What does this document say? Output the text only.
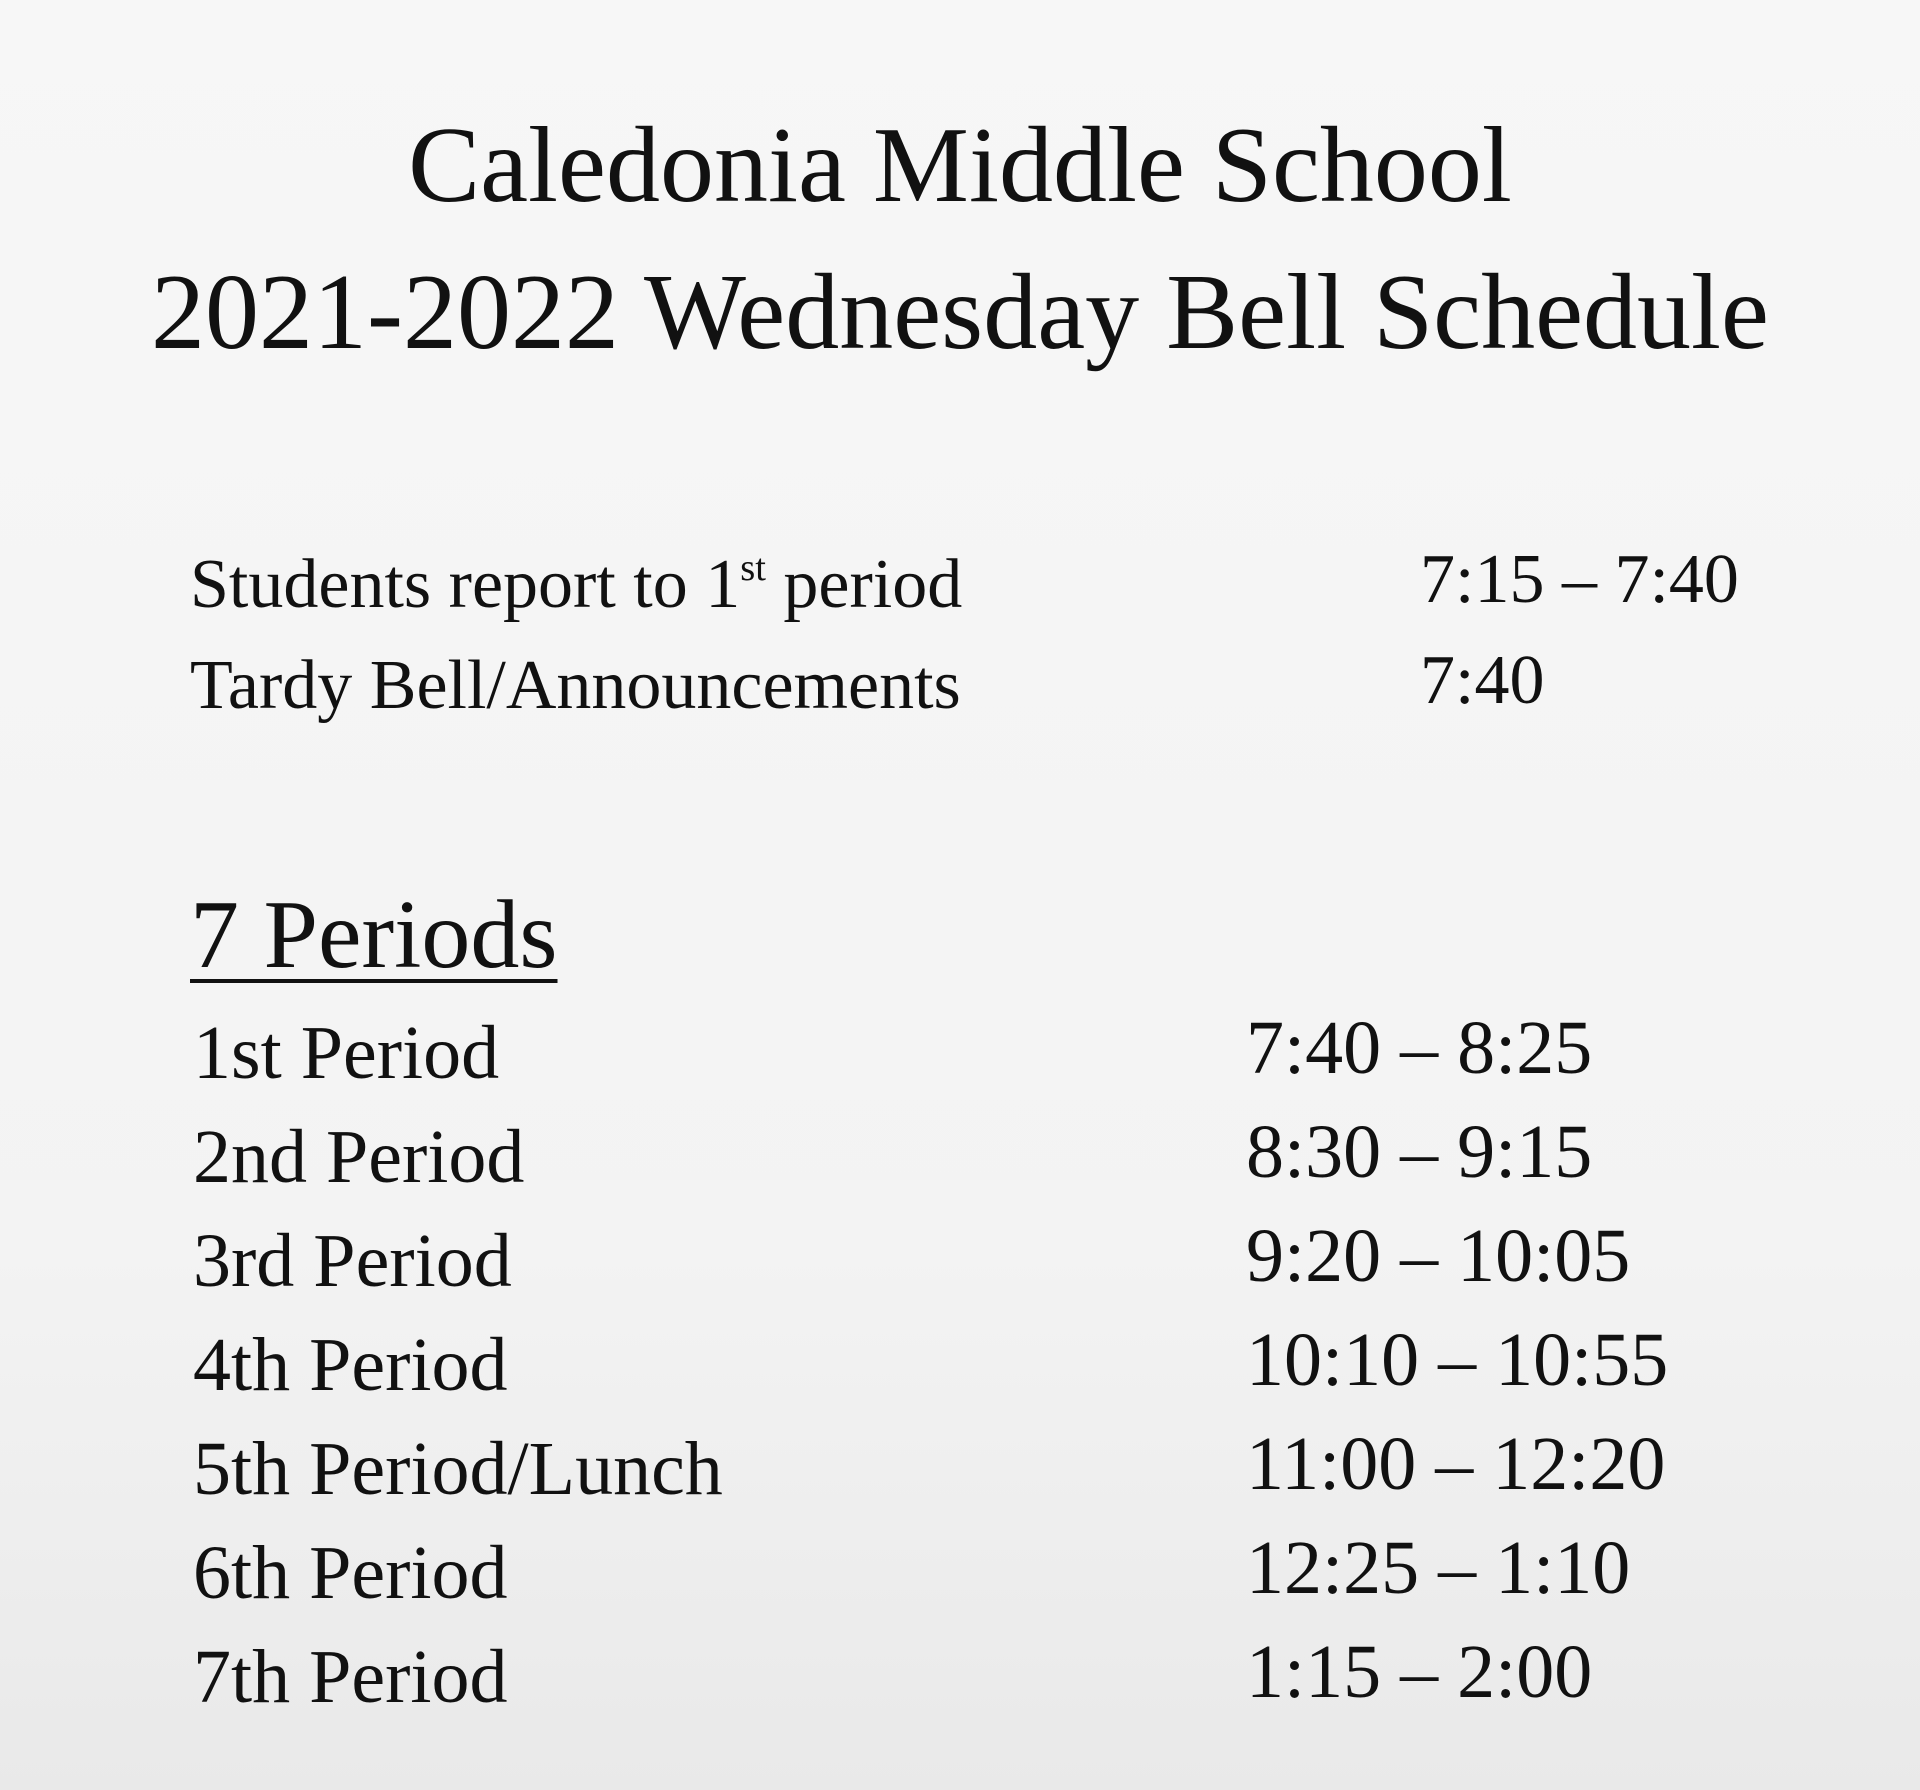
Caledonia Middle School
2021-2022 Wednesday Bell Schedule
Students report to 1st period	7:15 – 7:40
Tardy Bell/Announcements	7:40
7 Periods
1st Period	7:40 – 8:25
2nd Period	8:30 – 9:15
3rd Period	9:20 – 10:05
4th Period	10:10 – 10:55
5th Period/Lunch	11:00 – 12:20
6th Period	12:25 – 1:10
7th Period	1:15 – 2:00
